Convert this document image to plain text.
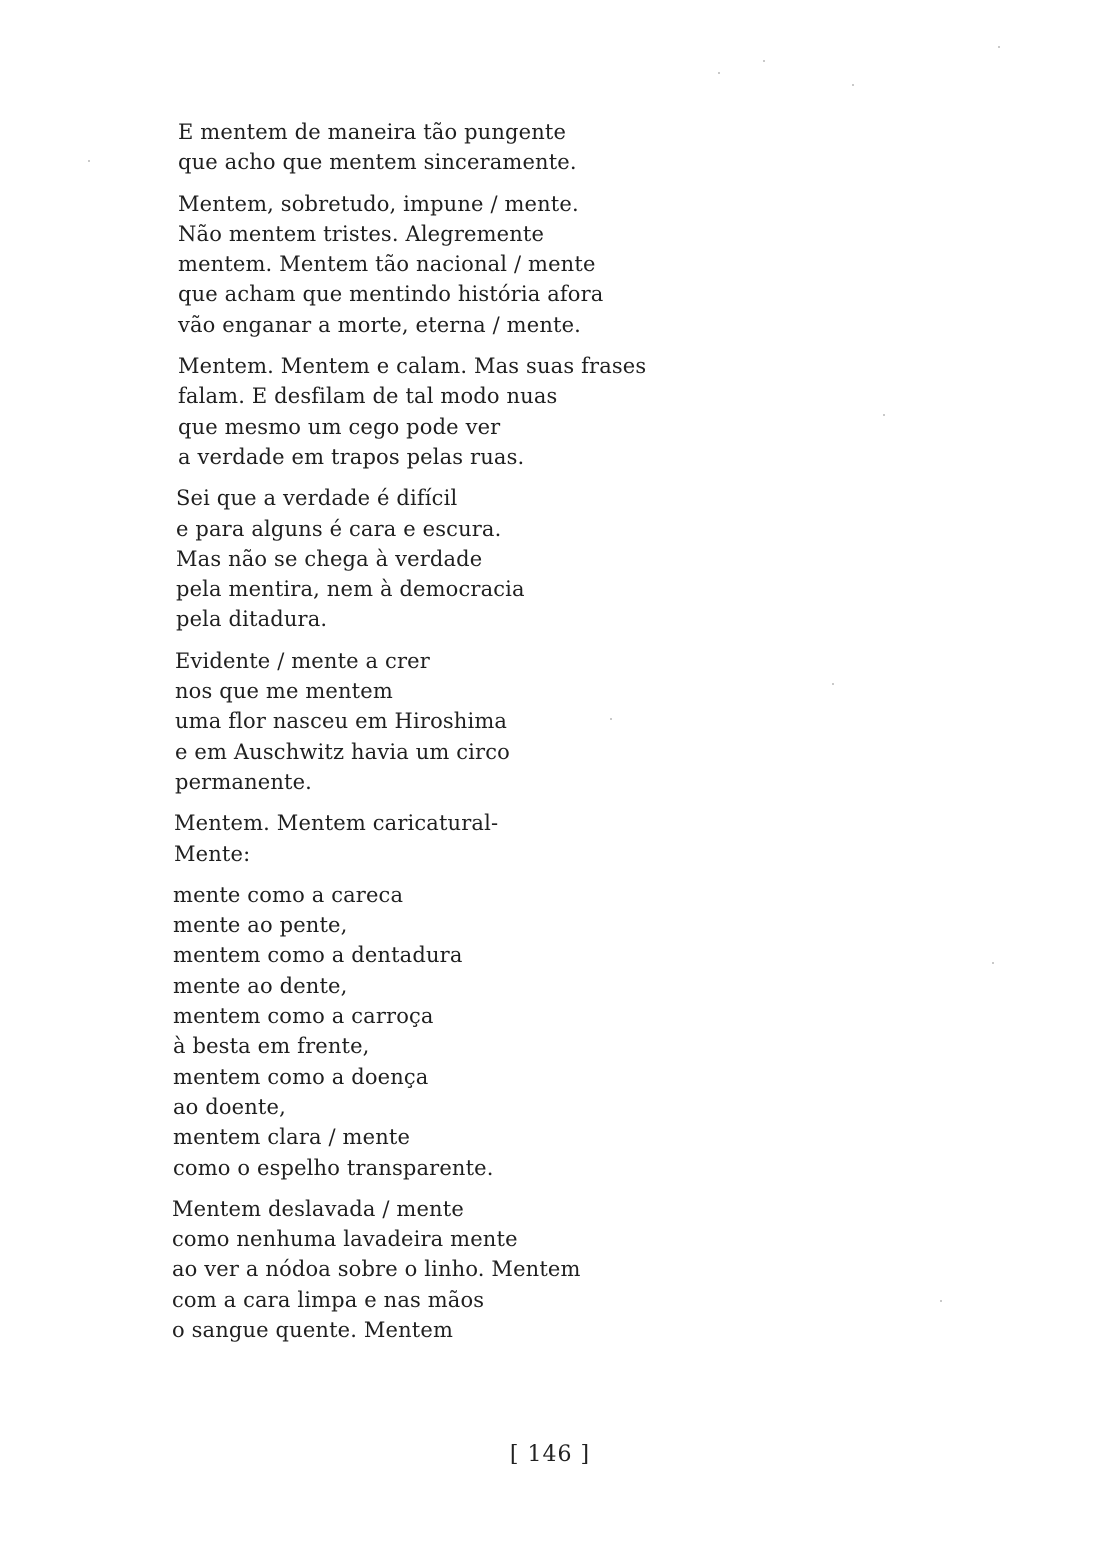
E mentem de maneira tão pungente
que acho que mentem sinceramente.
Mentem, sobretudo, impune / mente.
Não mentem tristes. Alegremente
mentem. Mentem tão nacional / mente
que acham que mentindo história afora
vão enganar a morte, eterna / mente.
Mentem. Mentem e calam. Mas suas frases
falam. E desfilam de tal modo nuas
que mesmo um cego pode ver
a verdade em trapos pelas ruas.
Sei que a verdade é difícil
e para alguns é cara e escura.
Mas não se chega à verdade
pela mentira, nem à democracia
pela ditadura.
Evidente / mente a crer
nos que me mentem
uma flor nasceu em Hiroshima
e em Auschwitz havia um circo
permanente.
Mentem. Mentem caricatural-
Mente:
mente como a careca
mente ao pente,
mentem como a dentadura
mente ao dente,
mentem como a carroça
à besta em frente,
mentem como a doença
ao doente,
mentem clara / mente
como o espelho transparente.
Mentem deslavada / mente
como nenhuma lavadeira mente
ao ver a nódoa sobre o linho. Mentem
com a cara limpa e nas mãos
o sangue quente. Mentem
[ 146 ]
